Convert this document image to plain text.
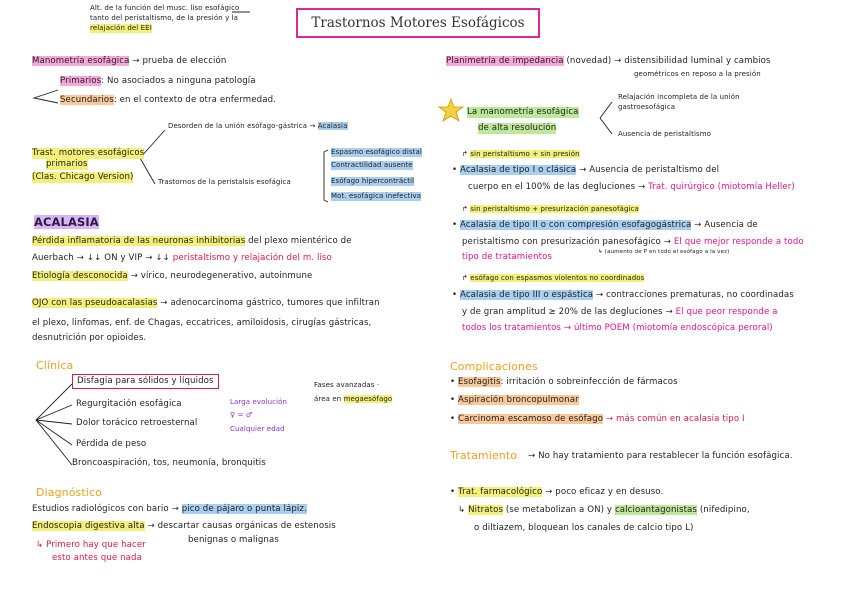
Alt. de la función del musc. liso esofágico
tanto del peristaltismo, de la presión y la
relajación del EEI	Trastornos Motores Esofágicos
Manometría esofágica → prueba de elección
Primarios: No asociados a ninguna patología
Secundarios: en el contexto de otra enfermedad.
Trast. motores esofágicos
primarios
(Clas. Chicago Version)
Desorden de la unión esófago-gástrica → Acalasia
Trastornos de la peristalsis esofágica
Espasmo esofágico distal
Contractilidad ausente
Esófago hipercontráctil
Mot. esofágica inefectiva
ACALASIA
Pérdida inflamatoria de las neuronas inhibitorias del plexo mientérico de
Auerbach → ↓↓ ON y VIP → ↓↓ peristaltismo y relajación del m. liso
Etiología desconocida → vírico, neurodegenerativo, autoinmune
OJO con las pseudoacalasias → adenocarcinoma gástrico, tumores que infiltran
el plexo, linfomas, enf. de Chagas, eccatrices, amiloidosis, cirugías gástricas,
desnutrición por opioides.
Clínica
Disfagia para sólidos y líquidos
Regurgitación esofágica
Dolor torácico retroesternal
Pérdida de peso
Broncoaspiración, tos, neumonía, bronquitis
Fases avanzadas ·
área en megaesófago
Larga evolución
♀ = ♂
Cualquier edad
Diagnóstico
Estudios radiológicos con bario → pico de pájaro o punta lápiz.
Endoscopia digestiva alta → descartar causas orgánicas de estenosis
benignas o malignas
↳ Primero hay que hacer
esto antes que nada
Planimetría de impedancia (novedad) → distensibilidad luminal y cambios
geométricos en reposo a la presión
La manometría esofágica
de alta resolución
Relajación incompleta de la unión
gastroesofágica
Ausencia de peristaltismo
↱ sin peristaltismo + sin presión
• Acalasia de tipo I o clásica → Ausencia de peristaltismo del
cuerpo en el 100% de las degluciones → Trat. quirúrgico (miotomía Heller)
↱ sin peristaltismo + presurización panesofágica
• Acalasia de tipo II o con compresión esofagogástrica → Ausencia de
peristaltismo con presurización panesofágico → El que mejor responde a todo
tipo de tratamientos	↳ (aumento de P en todo el esófago a la vez)
↱ esófago con espasmos violentos no coordinados
• Acalasia de tipo III o espástica → contracciones prematuras, no coordinadas
y de gran amplitud ≥ 20% de las degluciones → El que peor responde a
todos los tratamientos → último POEM (miotomía endoscópica peroral)
Complicaciones
• Esofagitis: irritación o sobreinfección de fármacos
• Aspiración broncopulmonar
• Carcinoma escamoso de esófago → más común en acalasia tipo I
Tratamiento → No hay tratamiento para restablecer la función esofágica.
• Trat. farmacológico → poco eficaz y en desuso.
↳ Nitratos (se metabolizan a ON) y calcioantagonistas (nifedipino,
o diltiazem, bloquean los canales de calcio tipo L)
